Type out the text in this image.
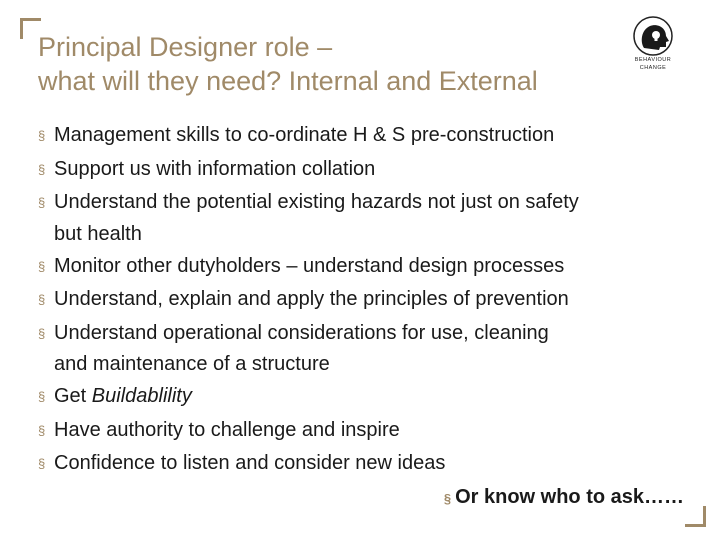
Principal Designer role –
what will they need? Internal and External
BEHAVIOUR
CHANGE
§ Management skills to co-ordinate H & S pre-construction
§ Support us with information collation
§ Understand the potential existing hazards not just on safety
but health
§ Monitor other dutyholders – understand design processes
§ Understand, explain and apply the principles of prevention
§ Understand operational considerations for use, cleaning
and maintenance of a structure
§ Get Buildablility
§ Have authority to challenge and inspire
§ Confidence to listen and consider new ideas
§ Or know who to ask……
